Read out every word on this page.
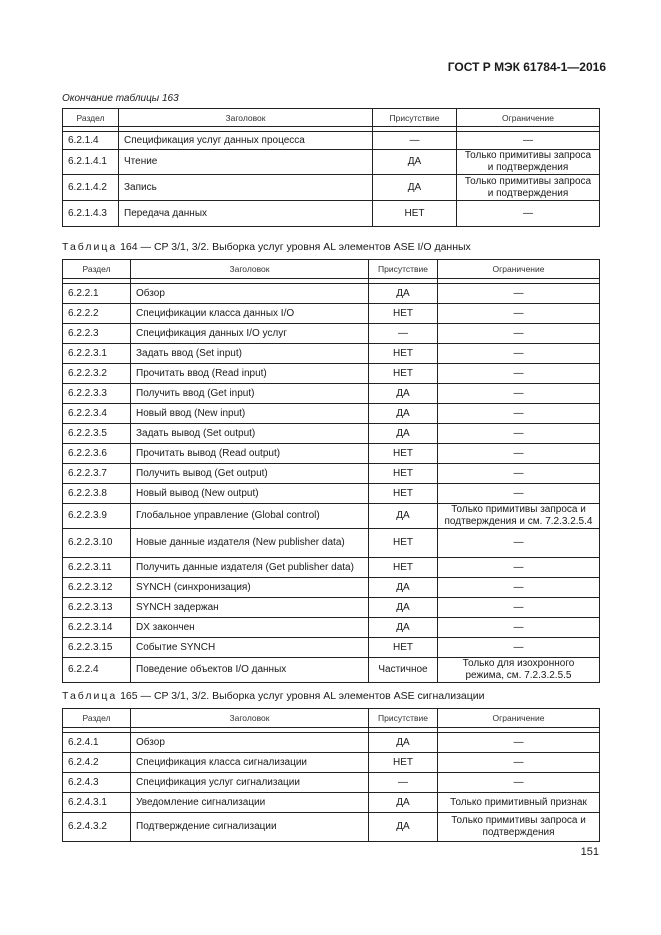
ГОСТ Р МЭК 61784-1—2016
Окончание таблицы 163
Раздел	Заголовок	Присутствие	Ограничение

6.2.1.4	Спецификация услуг данных процесса	—	—
6.2.1.4.1	Чтение	ДА	Только примитивы запроса и подтверждения
6.2.1.4.2	Запись	ДА	Только примитивы запроса и подтверждения
6.2.1.4.3	Передача данных	НЕТ	—
Таблица 164 — CP 3/1, 3/2. Выборка услуг уровня AL элементов ASE I/O данных
Раздел	Заголовок	Присутствие	Ограничение

6.2.2.1	Обзор	ДА	—
6.2.2.2	Спецификации класса данных I/O	НЕТ	—
6.2.2.3	Спецификация данных I/O услуг	—	—
6.2.2.3.1	Задать ввод (Set input)	НЕТ	—
6.2.2.3.2	Прочитать ввод (Read input)	НЕТ	—
6.2.2.3.3	Получить ввод (Get input)	ДА	—
6.2.2.3.4	Новый ввод (New input)	ДА	—
6.2.2.3.5	Задать вывод (Set output)	ДА	—
6.2.2.3.6	Прочитать вывод (Read output)	НЕТ	—
6.2.2.3.7	Получить вывод (Get output)	НЕТ	—
6.2.2.3.8	Новый вывод (New output)	НЕТ	—
6.2.2.3.9	Глобальное управление (Global control)	ДА	Только примитивы запроса и подтверждения и см. 7.2.3.2.5.4
6.2.2.3.10	Новые данные издателя (New publisher data)	НЕТ	—
6.2.2.3.11	Получить данные издателя (Get publisher data)	НЕТ	—
6.2.2.3.12	SYNCH (синхронизация)	ДА	—
6.2.2.3.13	SYNCH задержан	ДА	—
6.2.2.3.14	DX закончен	ДА	—
6.2.2.3.15	Событие SYNCH	НЕТ	—
6.2.2.4	Поведение объектов I/O данных	Частичное	Только для изохронного режима, см. 7.2.3.2.5.5
Таблица 165 — CP 3/1, 3/2. Выборка услуг уровня AL элементов ASE сигнализации
Раздел	Заголовок	Присутствие	Ограничение

6.2.4.1	Обзор	ДА	—
6.2.4.2	Спецификация класса сигнализации	НЕТ	—
6.2.4.3	Спецификация услуг сигнализации	—	—
6.2.4.3.1	Уведомление сигнализации	ДА	Только примитивный признак
6.2.4.3.2	Подтверждение сигнализации	ДА	Только примитивы запроса и подтверждения
151
